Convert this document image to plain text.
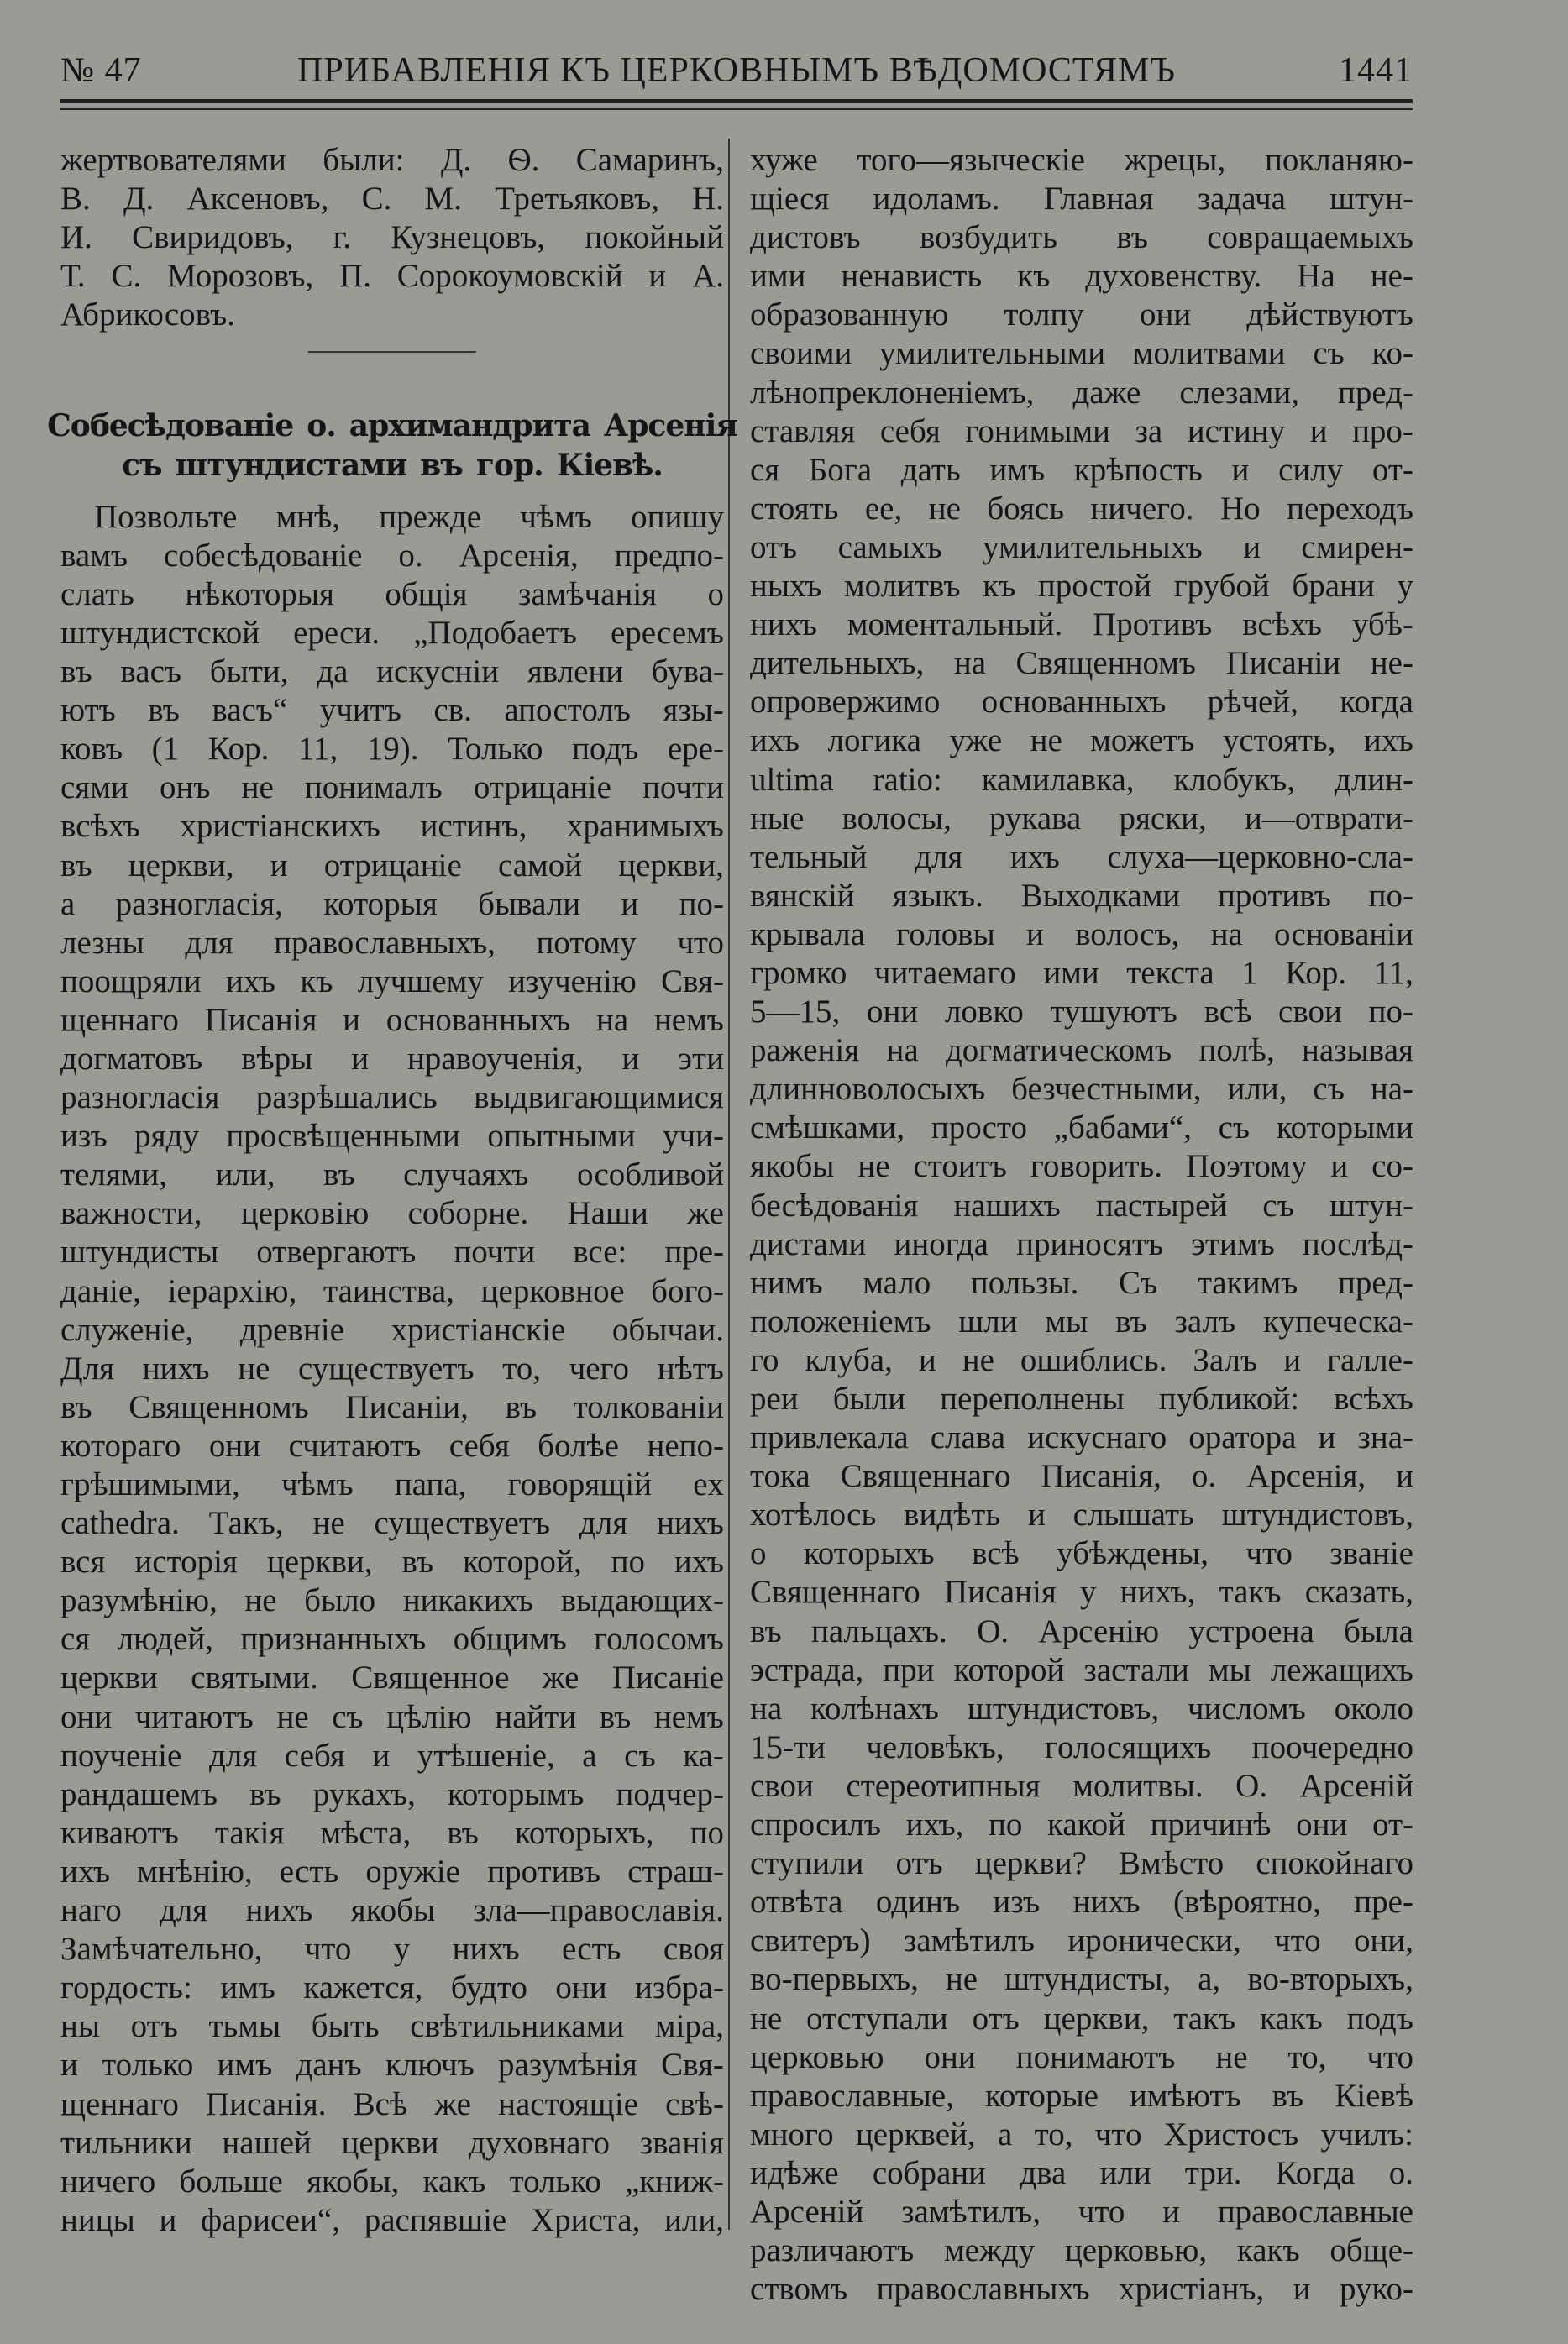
№ 47	ПРИБАВЛЕНІЯ КЪ ЦЕРКОВНЫМЪ ВѢДОМОСТЯМЪ	1441
жертвователями были: Д. Ѳ. Самаринъ,
В. Д. Аксеновъ, С. М. Третьяковъ, Н.
И. Свиридовъ, г. Кузнецовъ, покойный
Т. С. Морозовъ, П. Сорокоумовскій и А.
Абрикосовъ.
Собесѣдованіе о. архимандрита Арсенія
съ штундистами въ гор. Кіевѣ.
Позвольте мнѣ, прежде чѣмъ опишу
вамъ собесѣдованіе о. Арсенія, предпо-
слать нѣкоторыя общія замѣчанія о
штундистской ереси. „Подобаетъ ересемъ
въ васъ быти, да искусніи явлени бува-
ютъ въ васъ“ учитъ св. апостолъ язы-
ковъ (1 Кор. 11, 19). Только подъ ере-
сями онъ не понималъ отрицаніе почти
всѣхъ христіанскихъ истинъ, хранимыхъ
въ церкви, и отрицаніе самой церкви,
а разногласія, которыя бывали и по-
лезны для православныхъ, потому что
поощряли ихъ къ лучшему изученію Свя-
щеннаго Писанія и основанныхъ на немъ
догматовъ вѣры и нравоученія, и эти
разногласія разрѣшались выдвигающимися
изъ ряду просвѣщенными опытными учи-
телями, или, въ случаяхъ особливой
важности, церковію соборне. Наши же
штундисты отвергаютъ почти все: пре-
даніе, іерархію, таинства, церковное бого-
служеніе, древніе христіанскіе обычаи.
Для нихъ не существуетъ то, чего нѣтъ
въ Священномъ Писаніи, въ толкованіи
котораго они считаютъ себя болѣе непо-
грѣшимыми, чѣмъ папа, говорящій ex
cathedra. Такъ, не существуетъ для нихъ
вся исторія церкви, въ которой, по ихъ
разумѣнію, не было никакихъ выдающих-
ся людей, признанныхъ общимъ голосомъ
церкви святыми. Священное же Писаніе
они читаютъ не съ цѣлію найти въ немъ
поученіе для себя и утѣшеніе, а съ ка-
рандашемъ въ рукахъ, которымъ подчер-
киваютъ такія мѣста, въ которыхъ, по
ихъ мнѣнію, есть оружіе противъ страш-
наго для нихъ якобы зла—православія.
Замѣчательно, что у нихъ есть своя
гордость: имъ кажется, будто они избра-
ны отъ тьмы быть свѣтильниками міра,
и только имъ данъ ключъ разумѣнія Свя-
щеннаго Писанія. Всѣ же настоящіе свѣ-
тильники нашей церкви духовнаго званія
ничего больше якобы, какъ только „книж-
ницы и фарисеи“, распявшіе Христа, или,
хуже того—языческіе жрецы, покланяю-
щіеся идоламъ. Главная задача штун-
дистовъ возбудить въ совращаемыхъ
ими ненависть къ духовенству. На не-
образованную толпу они дѣйствуютъ
своими умилительными молитвами съ ко-
лѣнопреклоненіемъ, даже слезами, пред-
ставляя себя гонимыми за истину и про-
ся Бога дать имъ крѣпость и силу от-
стоять ее, не боясь ничего. Но переходъ
отъ самыхъ умилительныхъ и смирен-
ныхъ молитвъ къ простой грубой брани у
нихъ моментальный. Противъ всѣхъ убѣ-
дительныхъ, на Священномъ Писаніи не-
опровержимо основанныхъ рѣчей, когда
ихъ логика уже не можетъ устоять, ихъ
ultima ratio: камилавка, клобукъ, длин-
ные волосы, рукава ряски, и—отврати-
тельный для ихъ слуха—церковно-сла-
вянскій языкъ. Выходками противъ по-
крывала головы и волосъ, на основаніи
громко читаемаго ими текста 1 Кор. 11,
5—15, они ловко тушуютъ всѣ свои по-
раженія на догматическомъ полѣ, называя
длинноволосыхъ безчестными, или, съ на-
смѣшками, просто „бабами“, съ которыми
якобы не стоитъ говорить. Поэтому и со-
бесѣдованія нашихъ пастырей съ штун-
дистами иногда приносятъ этимъ послѣд-
нимъ мало пользы. Съ такимъ пред-
положеніемъ шли мы въ залъ купеческа-
го клуба, и не ошиблись. Залъ и галле-
реи были переполнены публикой: всѣхъ
привлекала слава искуснаго оратора и зна-
тока Священнаго Писанія, о. Арсенія, и
хотѣлось видѣть и слышать штундистовъ,
о которыхъ всѣ убѣждены, что званіе
Священнаго Писанія у нихъ, такъ сказать,
въ пальцахъ. О. Арсенію устроена была
эстрада, при которой застали мы лежащихъ
на колѣнахъ штундистовъ, числомъ около
15-ти человѣкъ, голосящихъ поочередно
свои стереотипныя молитвы. О. Арсеній
спросилъ ихъ, по какой причинѣ они от-
ступили отъ церкви? Вмѣсто спокойнаго
отвѣта одинъ изъ нихъ (вѣроятно, пре-
свитеръ) замѣтилъ иронически, что они,
во-первыхъ, не штундисты, а, во-вторыхъ,
не отступали отъ церкви, такъ какъ подъ
церковью они понимаютъ не то, что
православные, которые имѣютъ въ Кіевѣ
много церквей, а то, что Христосъ училъ:
идѣже собрани два или три. Когда о.
Арсеній замѣтилъ, что и православные
различаютъ между церковью, какъ обще-
ствомъ православныхъ христіанъ, и руко-
